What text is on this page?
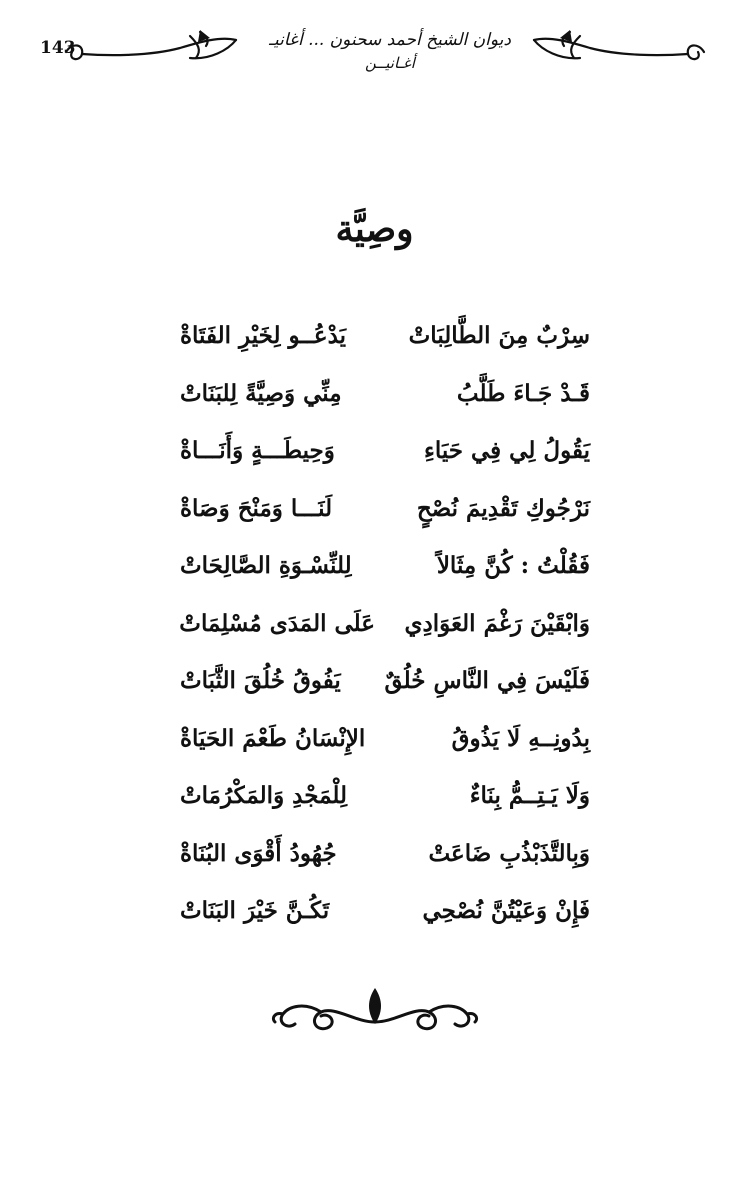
143	ديوان الشيخ أحمد سحنون ... أغانيـ
أغـانيــن
وصِيَّة
سِرْبٌ مِنَ الطَّالِبَاتْ
يَدْعُــو لِخَيْرِ الفَتَاةْ
قَـدْ جَـاءَ طَلَّبُ
مِنِّي وَصِيَّةً لِلبَنَاتْ
يَقُولُ لِي فِي حَيَاءِ
وَحِيطَـــةٍ وَأَنَـــاةْ
نَرْجُوكِ تَقْدِيمَ نُصْحٍ
لَنَـــا وَمَنْحَ وَصَاةْ
فَقُلْتُ : كُنَّ مِثَالاً
لِلنِّسْـوَةِ الصَّالِحَاتْ
وَابْقَيْنَ رَغْمَ العَوَادِي
عَلَى المَدَى مُسْلِمَاتْ
فَلَيْسَ فِي النَّاسِ خُلُقٌ
يَفُوقُ خُلُقَ الثَّبَاتْ
بِدُونِــهِ لَا يَذُوقُ
الإِنْسَانُ طَعْمَ الحَيَاةْ
وَلَا يَـتِــمُّ بِنَاءٌ
لِلْمَجْدِ وَالمَكْرُمَاتْ
وَبِالتَّذَبْذُبِ ضَاعَتْ
جُهُودُ أَقْوَى البُنَاةْ
فَإِنْ وَعَيْتُنَّ نُصْحِي
تَكُـنَّ خَيْرَ البَنَاتْ
